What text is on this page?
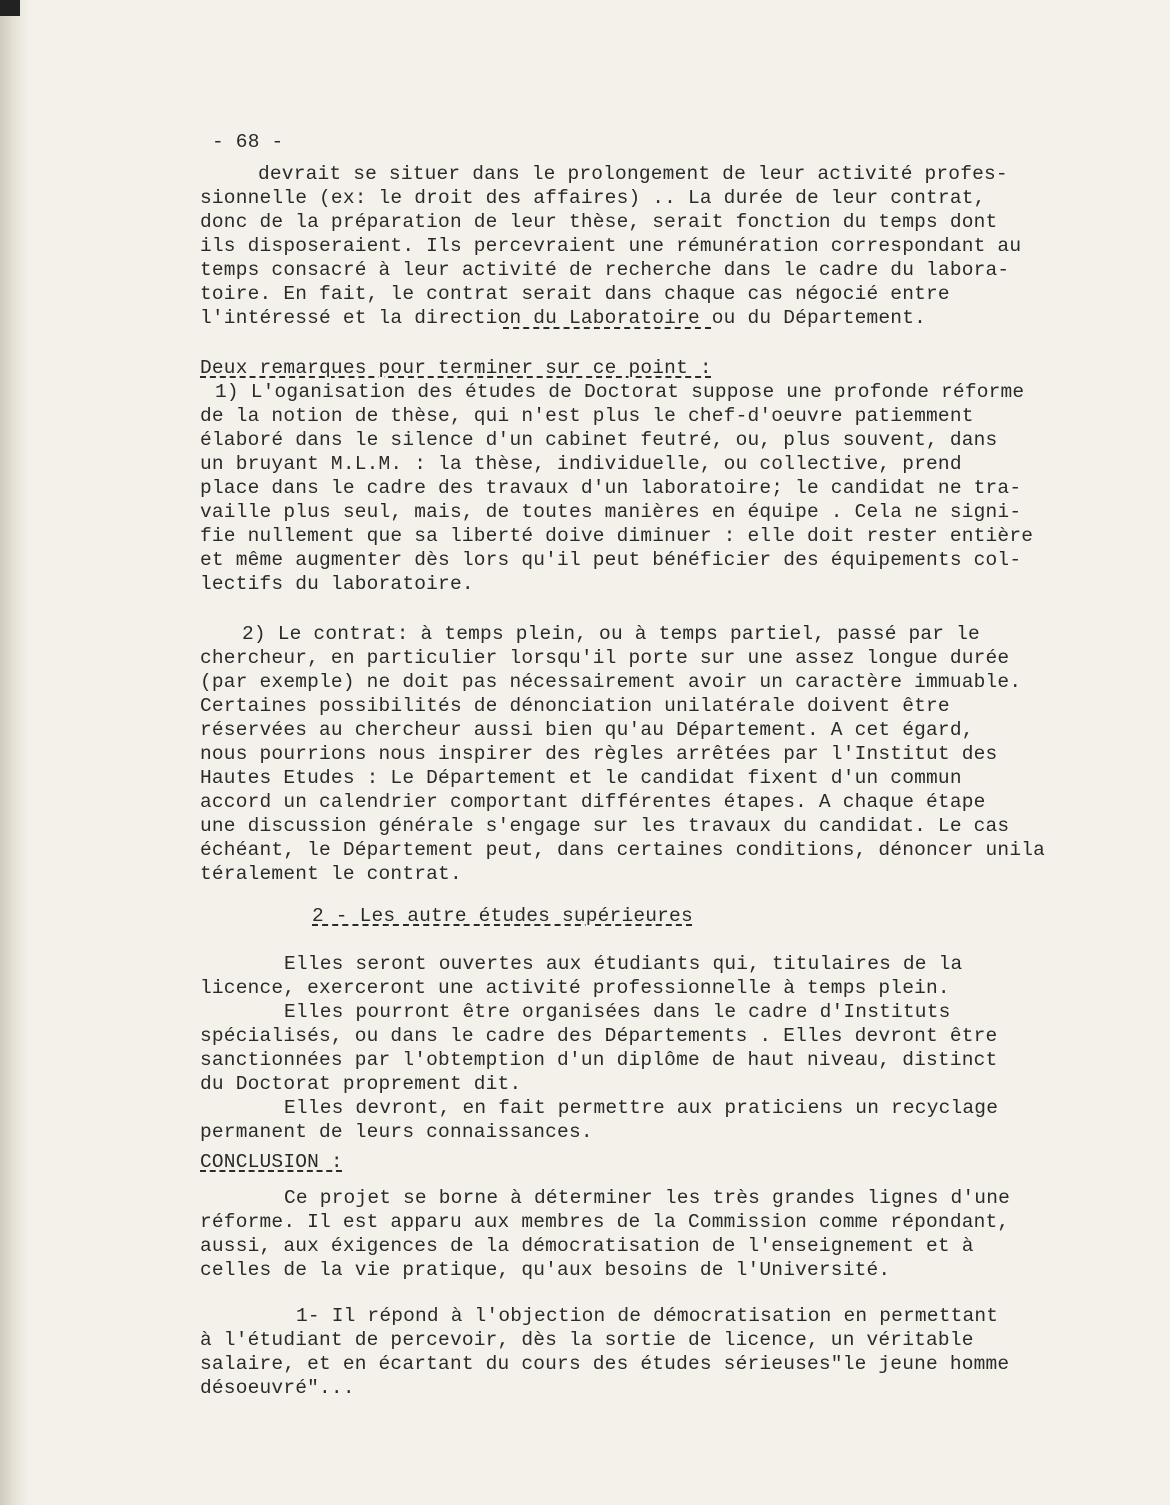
- 68 -
devrait se situer dans le prolongement de leur activité profes-
sionnelle (ex: le droit des affaires) .. La durée de leur contrat,
donc de la préparation de leur thèse, serait fonction du temps dont
ils disposeraient. Ils percevraient une rémunération correspondant au
temps consacré à leur activité de recherche dans le cadre du labora-
toire. En fait, le contrat serait dans chaque cas négocié entre
l'intéressé et la direction du Laboratoire ou du Département.
Deux remarques pour terminer sur ce point :
1) L'oganisation des études de Doctorat suppose une profonde réforme
de la notion de thèse, qui n'est plus le chef-d'oeuvre patiemment
élaboré dans le silence d'un cabinet feutré, ou, plus souvent, dans
un bruyant M.L.M. : la thèse, individuelle, ou collective, prend
place dans le cadre des travaux d'un laboratoire; le candidat ne tra-
vaille plus seul, mais, de toutes manières en équipe . Cela ne signi-
fie nullement que sa liberté doive diminuer : elle doit rester entière
et même augmenter dès lors qu'il peut bénéficier des équipements col-
lectifs du laboratoire.
2) Le contrat: à temps plein, ou à temps partiel, passé par le
chercheur, en particulier lorsqu'il porte sur une assez longue durée
(par exemple) ne doit pas nécessairement avoir un caractère immuable.
Certaines possibilités de dénonciation unilatérale doivent être
réservées au chercheur aussi bien qu'au Département. A cet égard,
nous pourrions nous inspirer des règles arrêtées par l'Institut des
Hautes Etudes : Le Département et le candidat fixent d'un commun
accord un calendrier comportant différentes étapes. A chaque étape
une discussion générale s'engage sur les travaux du candidat. Le cas
échéant, le Département peut, dans certaines conditions, dénoncer unila
téralement le contrat.
2 - Les autre études supérieures
Elles seront ouvertes aux étudiants qui, titulaires de la
licence, exerceront une activité professionnelle à temps plein.
Elles pourront être organisées dans le cadre d'Instituts
spécialisés, ou dans le cadre des Départements . Elles devront être
sanctionnées par l'obtemption d'un diplôme de haut niveau, distinct
du Doctorat proprement dit.
Elles devront, en fait permettre aux praticiens un recyclage
permanent de leurs connaissances.
CONCLUSION :
Ce projet se borne à déterminer les très grandes lignes d'une
réforme. Il est apparu aux membres de la Commission comme répondant,
aussi, aux éxigences de la démocratisation de l'enseignement et à
celles de la vie pratique, qu'aux besoins de l'Université.
1- Il répond à l'objection de démocratisation en permettant
à l'étudiant de percevoir, dès la sortie de licence, un véritable
salaire, et en écartant du cours des études sérieuses"le jeune homme
désoeuvré"...
